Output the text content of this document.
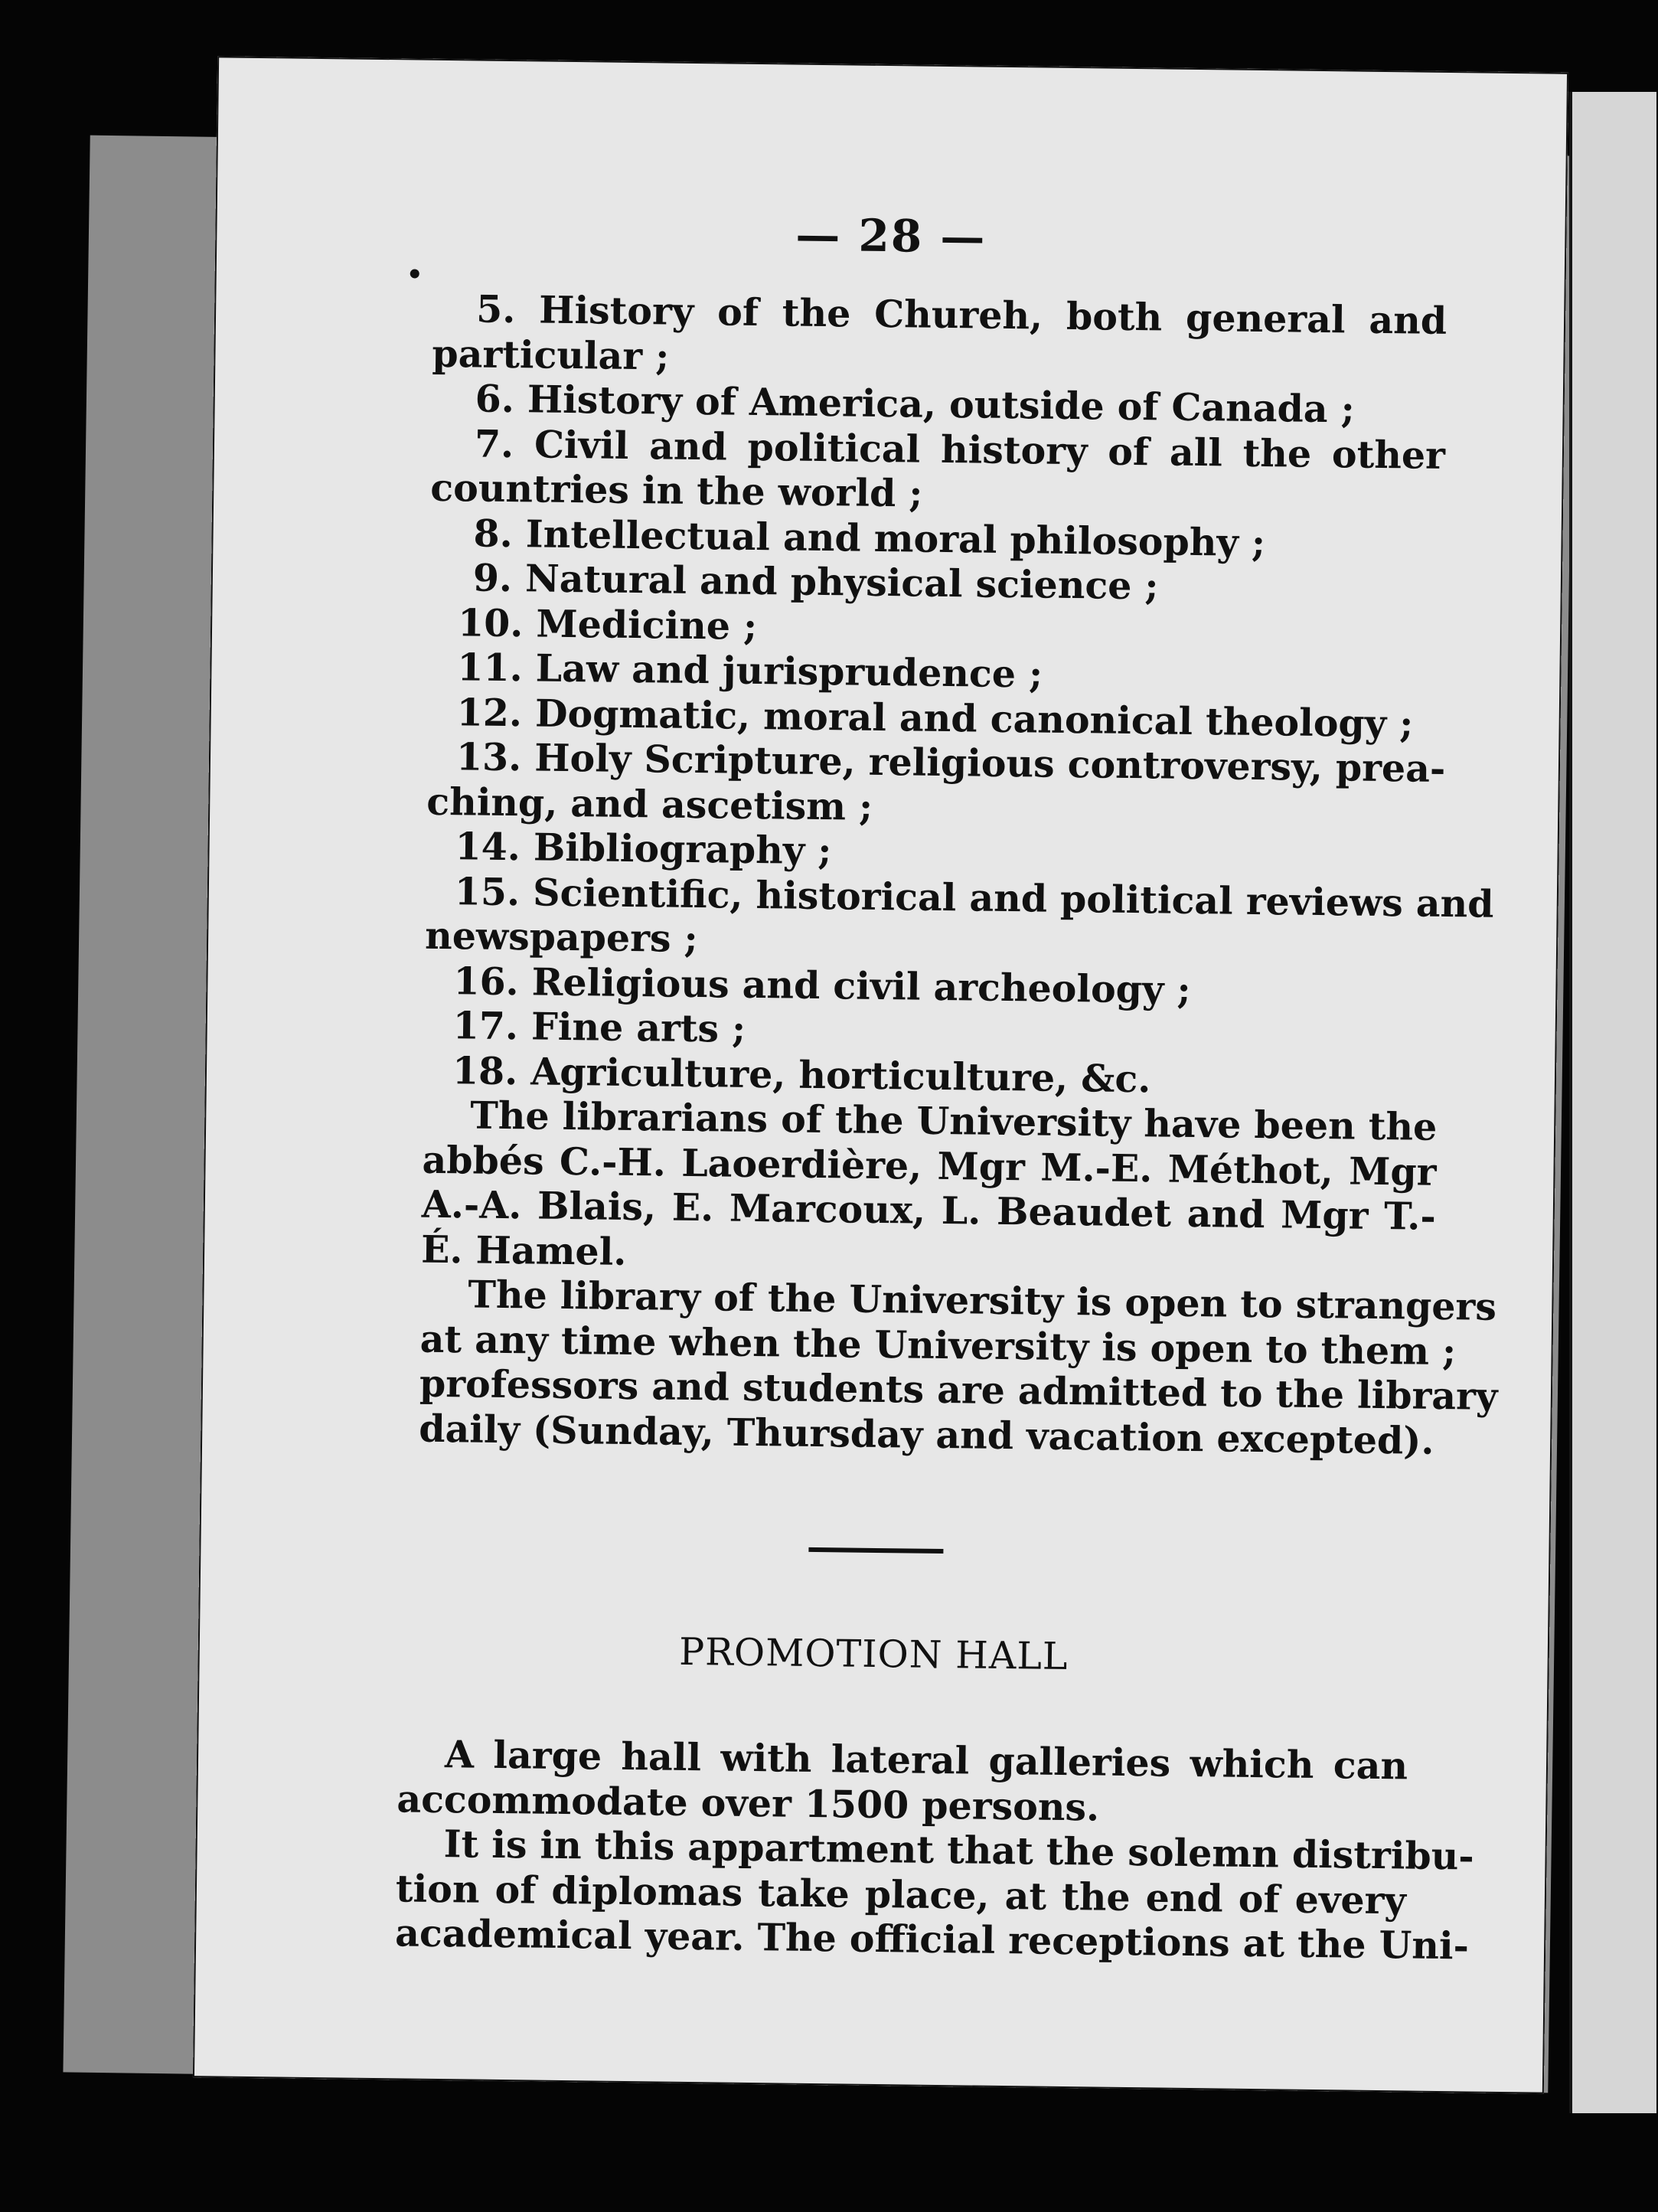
— 28 —
5. History of the Chureh, both general and
particular ;
6. History of America, outside of Canada ;
7. Civil and political history of all the other
countries in the world ;
8. Intellectual and moral philosophy ;
9. Natural and physical science ;
10. Medicine ;
11. Law and jurisprudence ;
12. Dogmatic, moral and canonical theology ;
13. Holy Scripture, religious controversy, prea-
ching, and ascetism ;
14. Bibliography ;
15. Scientific, historical and political reviews and
newspapers ;
16. Religious and civil archeology ;
17. Fine arts ;
18. Agriculture, horticulture, &c.
The librarians of the University have been the
abbés C.-H. Laoerdière, Mgr M.-E. Méthot, Mgr
A.-A. Blais, E. Marcoux, L. Beaudet and Mgr T.-
É. Hamel.
The library of the University is open to strangers
at any time when the University is open to them ;
professors and students are admitted to the library
daily (Sunday, Thursday and vacation excepted).
PROMOTION HALL
A large hall with lateral galleries which can
accommodate over 1500 persons.
It is in this appartment that the solemn distribu-
tion of diplomas take place, at the end of every
academical year. The official receptions at the Uni-
